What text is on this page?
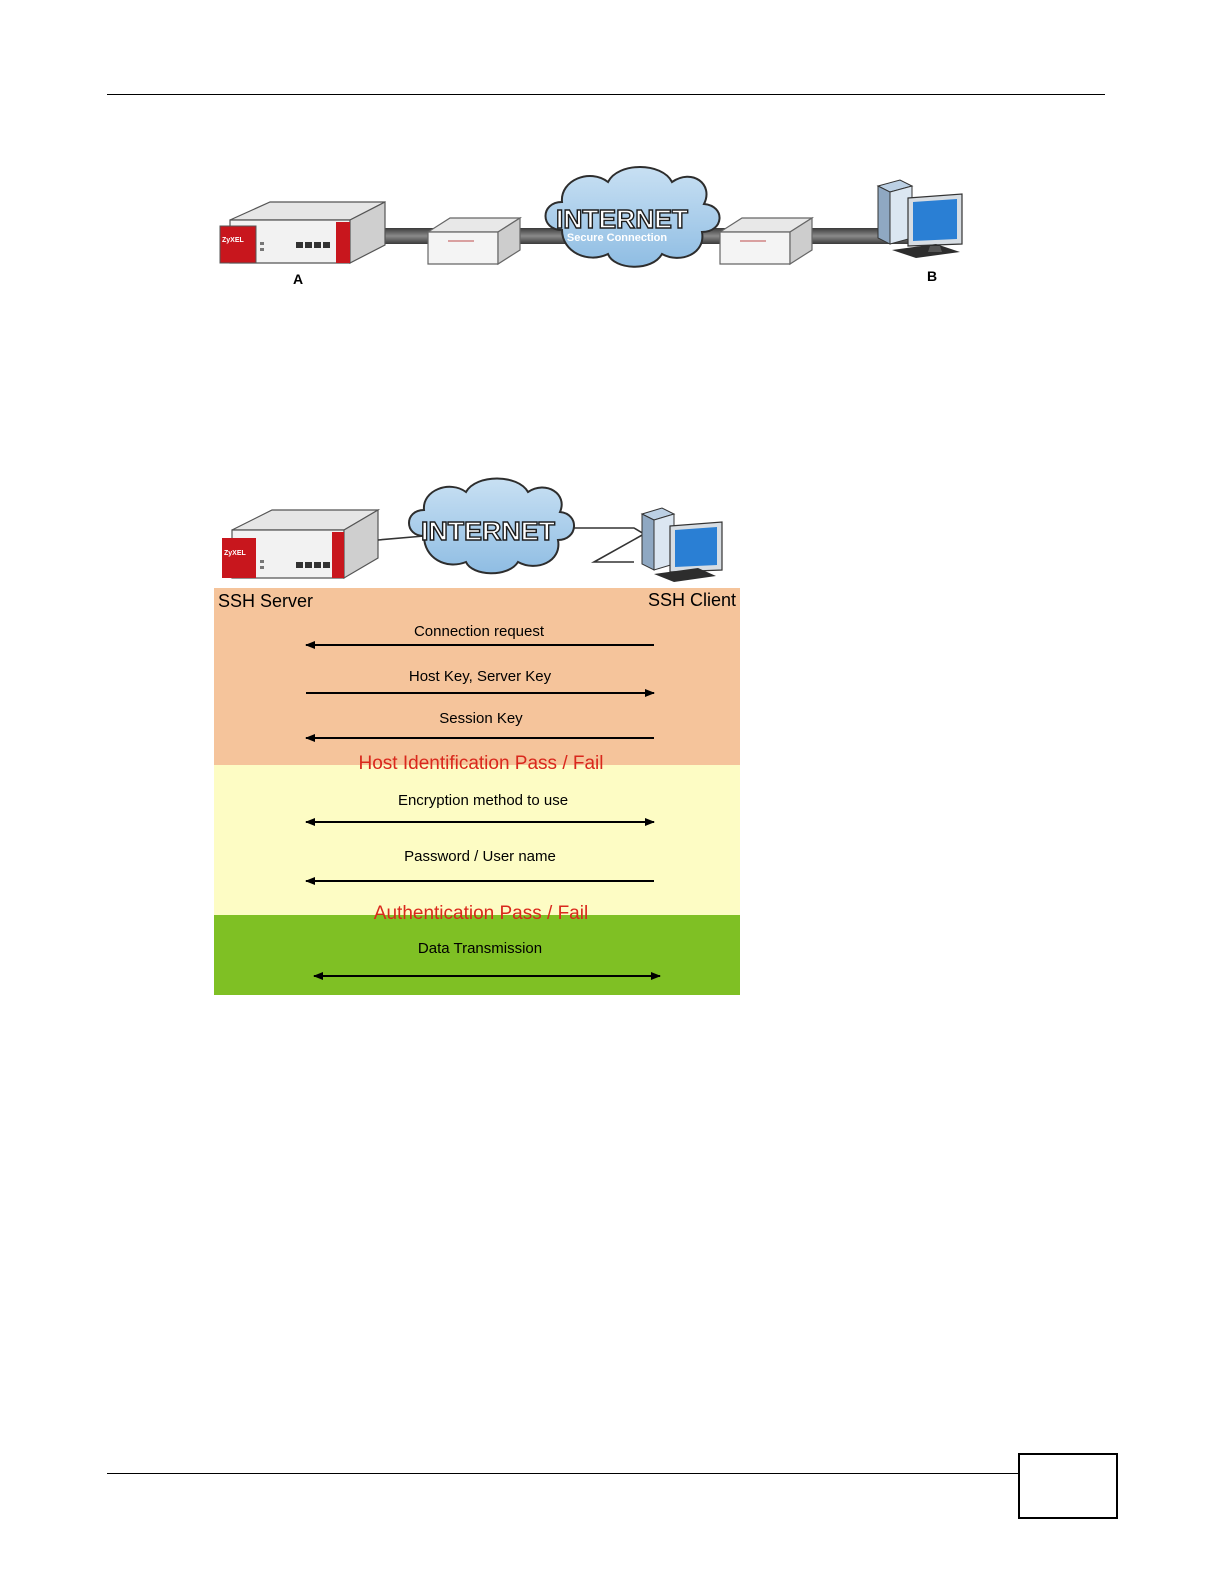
ZyXEL
INTERNET
Secure Connection
A	B
ZyXEL
INTERNET
SSH Server	SSH Client
Connection request
Host Key, Server Key
Session Key
Host Identification Pass / Fail
Encryption method to use
Password / User name
Authentication Pass / Fail
Data Transmission
